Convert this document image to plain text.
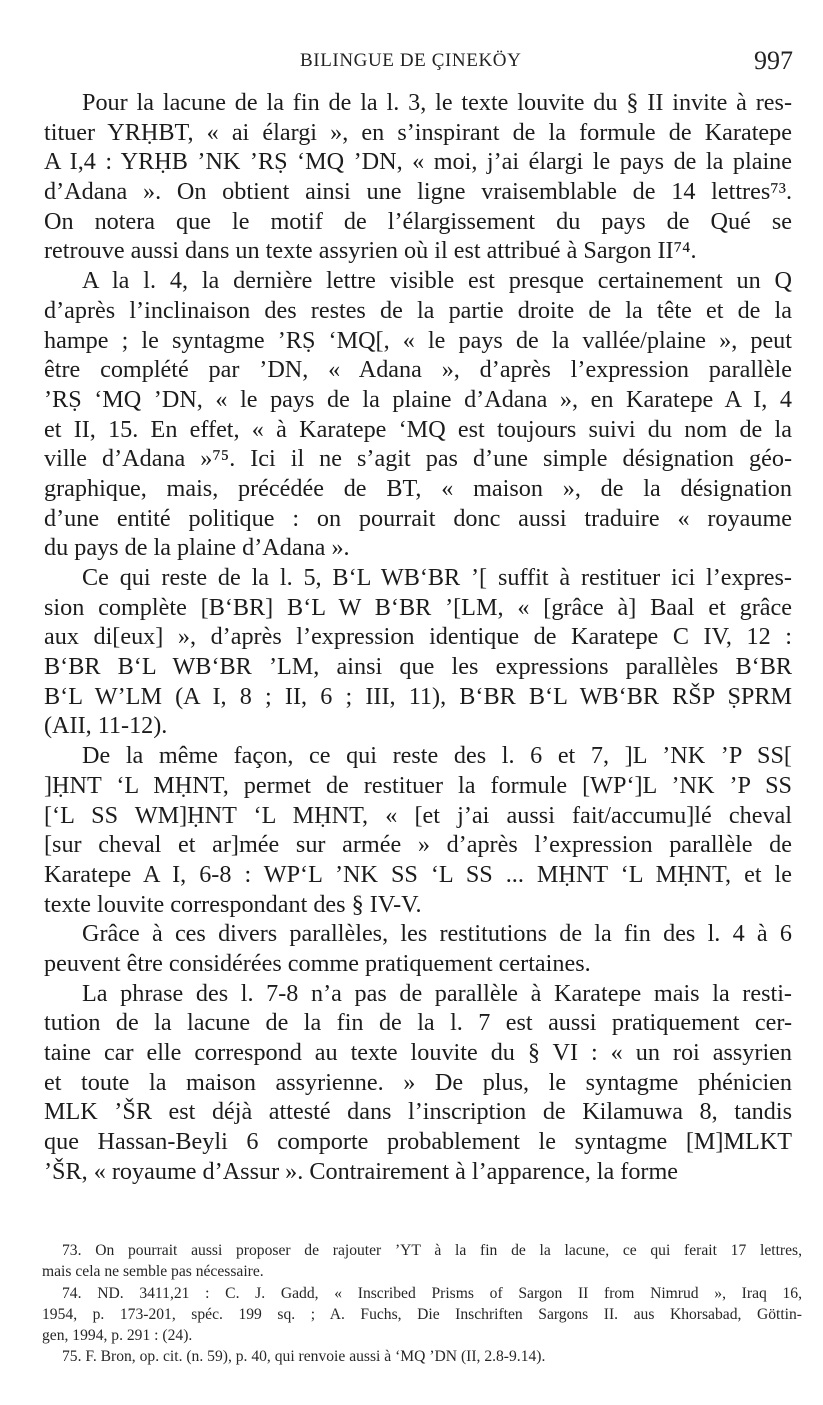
BILINGUE DE ÇINEKÖY	997
Pour la lacune de la fin de la l. 3, le texte louvite du § II invite à res-
tituer YRḤBT, « ai élargi », en s’inspirant de la formule de Karatepe
A I,4 : YRḤB ’NK ’RṢ ‘MQ ’DN, « moi, j’ai élargi le pays de la plaine
d’Adana ». On obtient ainsi une ligne vraisemblable de 14 lettres⁷³.
On notera que le motif de l’élargissement du pays de Qué se
retrouve aussi dans un texte assyrien où il est attribué à Sargon II⁷⁴.
A la l. 4, la dernière lettre visible est presque certainement un Q
d’après l’inclinaison des restes de la partie droite de la tête et de la
hampe ; le syntagme ’RṢ ‘MQ[, « le pays de la vallée/plaine », peut
être complété par ’DN, « Adana », d’après l’expression parallèle
’RṢ ‘MQ ’DN, « le pays de la plaine d’Adana », en Karatepe A I, 4
et II, 15. En effet, « à Karatepe ‘MQ est toujours suivi du nom de la
ville d’Adana »⁷⁵. Ici il ne s’agit pas d’une simple désignation géo-
graphique, mais, précédée de BT, « maison », de la désignation
d’une entité politique : on pourrait donc aussi traduire « royaume
du pays de la plaine d’Adana ».
Ce qui reste de la l. 5, B‘L WB‘BR ’[ suffit à restituer ici l’expres-
sion complète [B‘BR] B‘L W B‘BR ’[LM, « [grâce à] Baal et grâce
aux di[eux] », d’après l’expression identique de Karatepe C IV, 12 :
B‘BR B‘L WB‘BR ’LM, ainsi que les expressions parallèles B‘BR
B‘L W’LM (A I, 8 ; II, 6 ; III, 11), B‘BR B‘L WB‘BR RŠP ṢPRM
(AII, 11-12).
De la même façon, ce qui reste des l. 6 et 7, ]L ’NK ’P SS[
]ḤNT ‘L MḤNT, permet de restituer la formule [WP‘]L ’NK ’P SS
[‘L SS WM]ḤNT ‘L MḤNT, « [et j’ai aussi fait/accumu]lé cheval
[sur cheval et ar]mée sur armée » d’après l’expression parallèle de
Karatepe A I, 6-8 : WP‘L ’NK SS ‘L SS ... MḤNT ‘L MḤNT, et le
texte louvite correspondant des § IV-V.
Grâce à ces divers parallèles, les restitutions de la fin des l. 4 à 6
peuvent être considérées comme pratiquement certaines.
La phrase des l. 7-8 n’a pas de parallèle à Karatepe mais la resti-
tution de la lacune de la fin de la l. 7 est aussi pratiquement cer-
taine car elle correspond au texte louvite du § VI : « un roi assyrien
et toute la maison assyrienne. » De plus, le syntagme phénicien
MLK ’ŠR est déjà attesté dans l’inscription de Kilamuwa 8, tandis
que Hassan-Beyli 6 comporte probablement le syntagme [M]MLKT
’ŠR, « royaume d’Assur ». Contrairement à l’apparence, la forme
73. On pourrait aussi proposer de rajouter ’YT à la fin de la lacune, ce qui ferait 17 lettres,
mais cela ne semble pas nécessaire.
74. ND. 3411,21 : C. J. Gadd, « Inscribed Prisms of Sargon II from Nimrud », Iraq 16,
1954, p. 173-201, spéc. 199 sq. ; A. Fuchs, Die Inschriften Sargons II. aus Khorsabad, Göttin-
gen, 1994, p. 291 : (24).
75. F. Bron, op. cit. (n. 59), p. 40, qui renvoie aussi à ‘MQ ’DN (II, 2.8-9.14).
